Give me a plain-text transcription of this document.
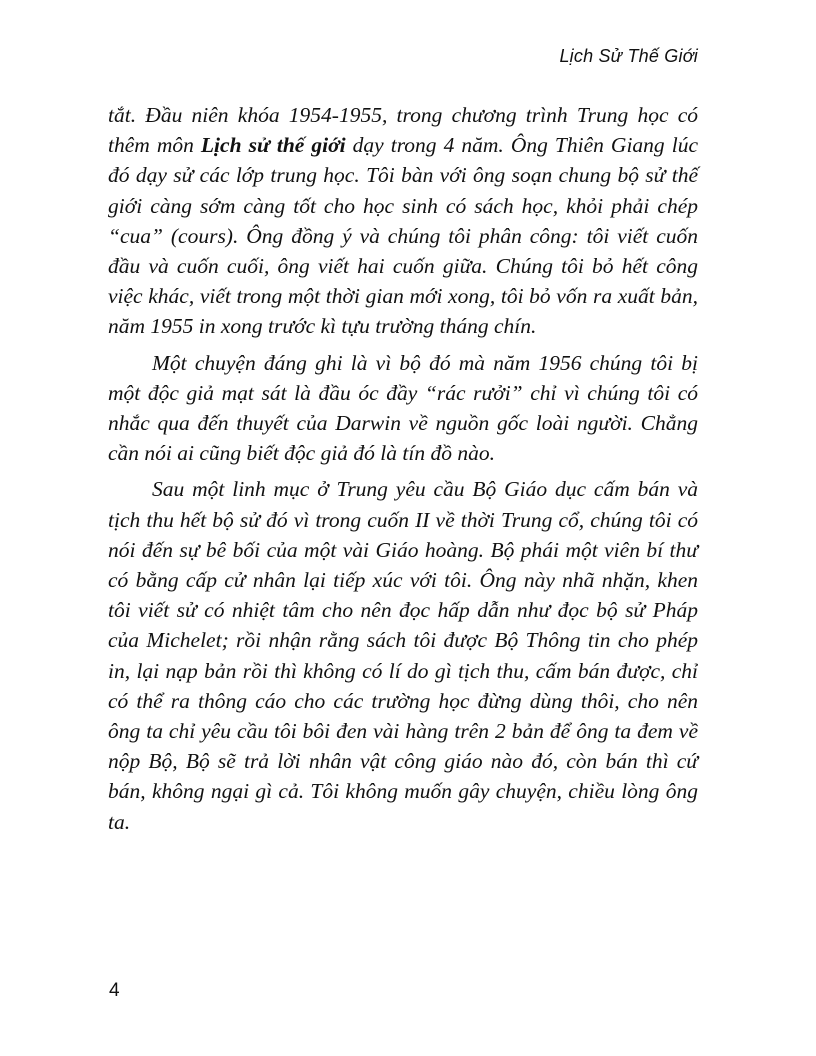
Lịch Sử Thế Giới

tắt. Đầu niên khóa 1954-1955, trong chương trình Trung học có thêm môn Lịch sử thế giới dạy trong 4 năm. Ông Thiên Giang lúc đó dạy sử các lớp trung học. Tôi bàn với ông soạn chung bộ sử thế giới càng sớm càng tốt cho học sinh có sách học, khỏi phải chép “cua” (cours). Ông đồng ý và chúng tôi phân công: tôi viết cuốn đầu và cuốn cuối, ông viết hai cuốn giữa. Chúng tôi bỏ hết công việc khác, viết trong một thời gian mới xong, tôi bỏ vốn ra xuất bản, năm 1955 in xong trước kì tựu trường tháng chín.

Một chuyện đáng ghi là vì bộ đó mà năm 1956 chúng tôi bị một độc giả mạt sát là đầu óc đầy “rác rưởi” chỉ vì chúng tôi có nhắc qua đến thuyết của Darwin về nguồn gốc loài người. Chẳng cần nói ai cũng biết độc giả đó là tín đồ nào.

Sau một linh mục ở Trung yêu cầu Bộ Giáo dục cấm bán và tịch thu hết bộ sử đó vì trong cuốn II về thời Trung cổ, chúng tôi có nói đến sự bê bối của một vài Giáo hoàng. Bộ phái một viên bí thư có bằng cấp cử nhân lại tiếp xúc với tôi. Ông này nhã nhặn, khen tôi viết sử có nhiệt tâm cho nên đọc hấp dẫn như đọc bộ sử Pháp của Michelet; rồi nhận rằng sách tôi được Bộ Thông tin cho phép in, lại nạp bản rồi thì không có lí do gì tịch thu, cấm bán được, chỉ có thể ra thông cáo cho các trường học đừng dùng thôi, cho nên ông ta chỉ yêu cầu tôi bôi đen vài hàng trên 2 bản để ông ta đem về nộp Bộ, Bộ sẽ trả lời nhân vật công giáo nào đó, còn bán thì cứ bán, không ngại gì cả. Tôi không muốn gây chuyện, chiều lòng ông ta.

4
